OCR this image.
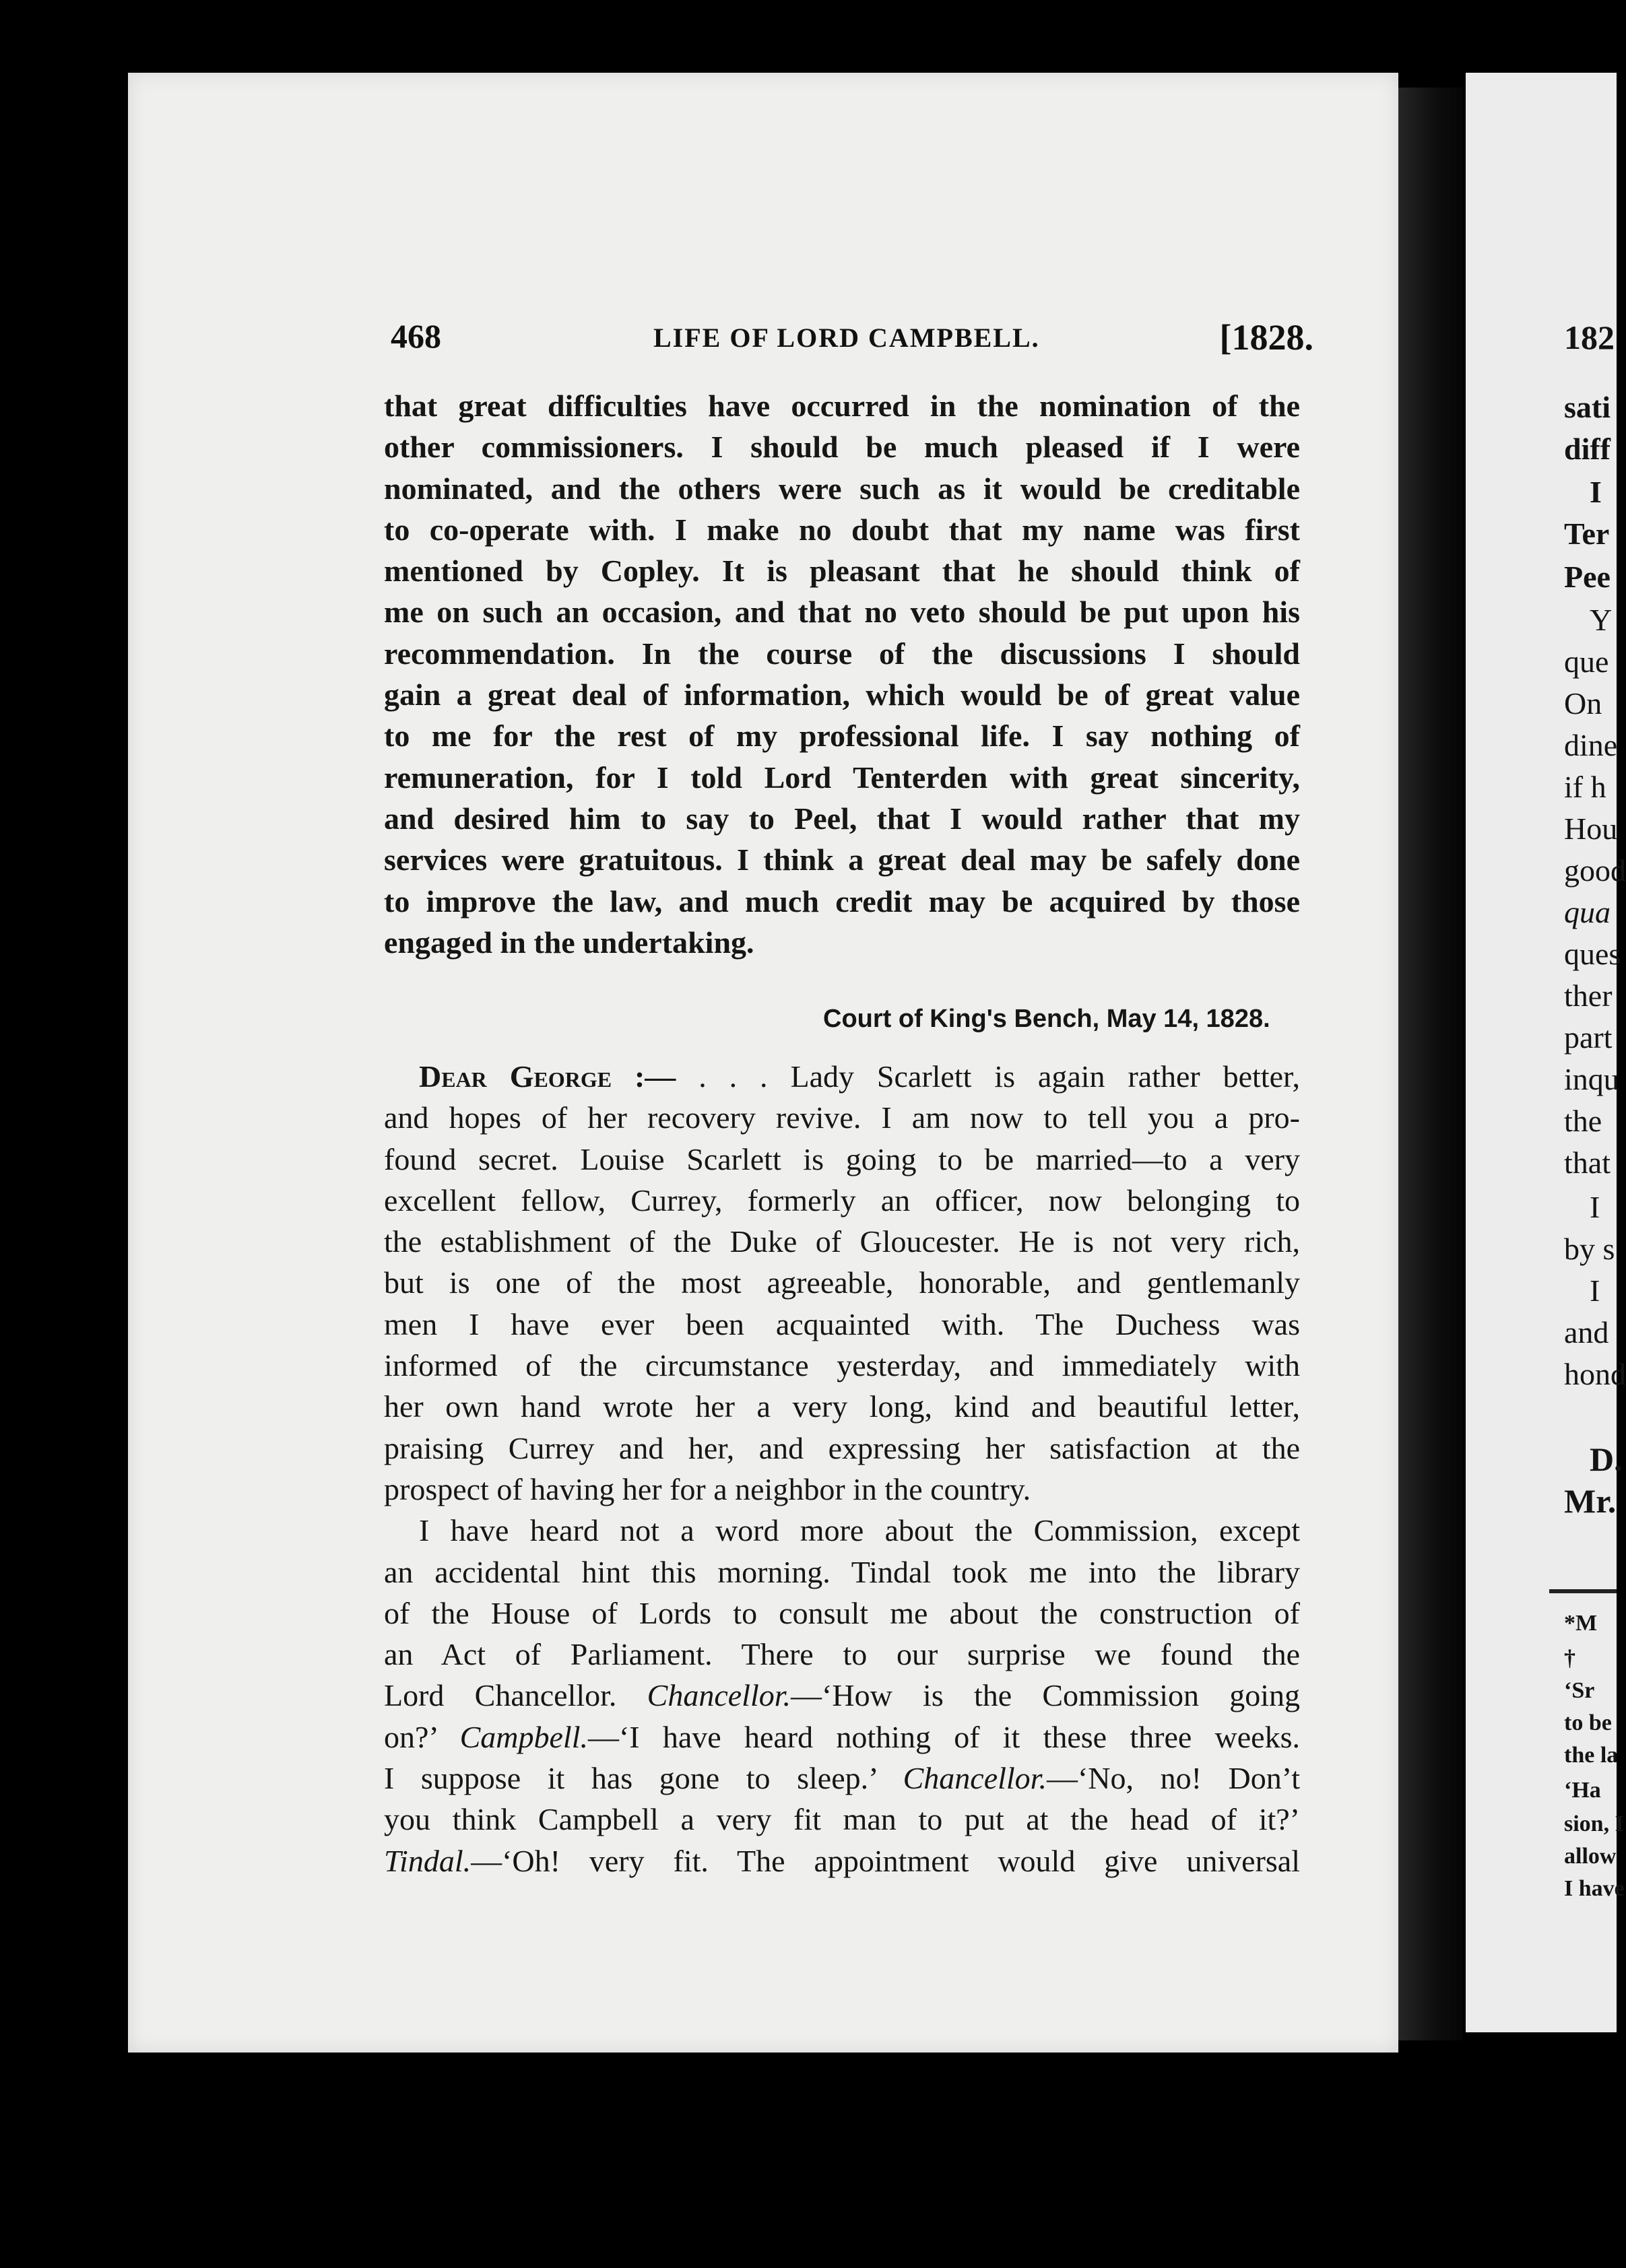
468	LIFE OF LORD CAMPBELL.	[1828.

that great difficulties have occurred in the nomination of the

other commissioners. I should be much pleased if I were

nominated, and the others were such as it would be creditable

to co-operate with. I make no doubt that my name was first

mentioned by Copley. It is pleasant that he should think of

me on such an occasion, and that no veto should be put upon his

recommendation. In the course of the discussions I should

gain a great deal of information, which would be of great value

to me for the rest of my professional life. I say nothing of

remuneration, for I told Lord Tenterden with great sincerity,

and desired him to say to Peel, that I would rather that my

services were gratuitous. I think a great deal may be safely done

to improve the law, and much credit may be acquired by those

engaged in the undertaking.

Court of King's Bench, May 14, 1828.

Dear George :— . . . Lady Scarlett is again rather better,

and hopes of her recovery revive. I am now to tell you a pro-

found secret. Louise Scarlett is going to be married—to a very

excellent fellow, Currey, formerly an officer, now belonging to

the establishment of the Duke of Gloucester. He is not very rich,

but is one of the most agreeable, honorable, and gentlemanly

men I have ever been acquainted with. The Duchess was

informed of the circumstance yesterday, and immediately with

her own hand wrote her a very long, kind and beautiful letter,

praising Currey and her, and expressing her satisfaction at the

prospect of having her for a neighbor in the country.

I have heard not a word more about the Commission, except

an accidental hint this morning. Tindal took me into the library

of the House of Lords to consult me about the construction of

an Act of Parliament. There to our surprise we found the

Lord Chancellor. Chancellor.—‘How is the Commission going

on?’ Campbell.—‘I have heard nothing of it these three weeks.

I suppose it has gone to sleep.’ Chancellor.—‘No, no! Don’t

you think Campbell a very fit man to put at the head of it?’

Tindal.—‘Oh! very fit. The appointment would give universal

182
sati
diff
I
Ter
Pee
Y
que
On
dine
if h
Hou
good
qua
ques
ther
part
inqu
the
that
I
by s
I
and
hond
D.
Mr.
*M
†
‘Sr
to be
the la
‘Ha
sion, I
allow
I have
